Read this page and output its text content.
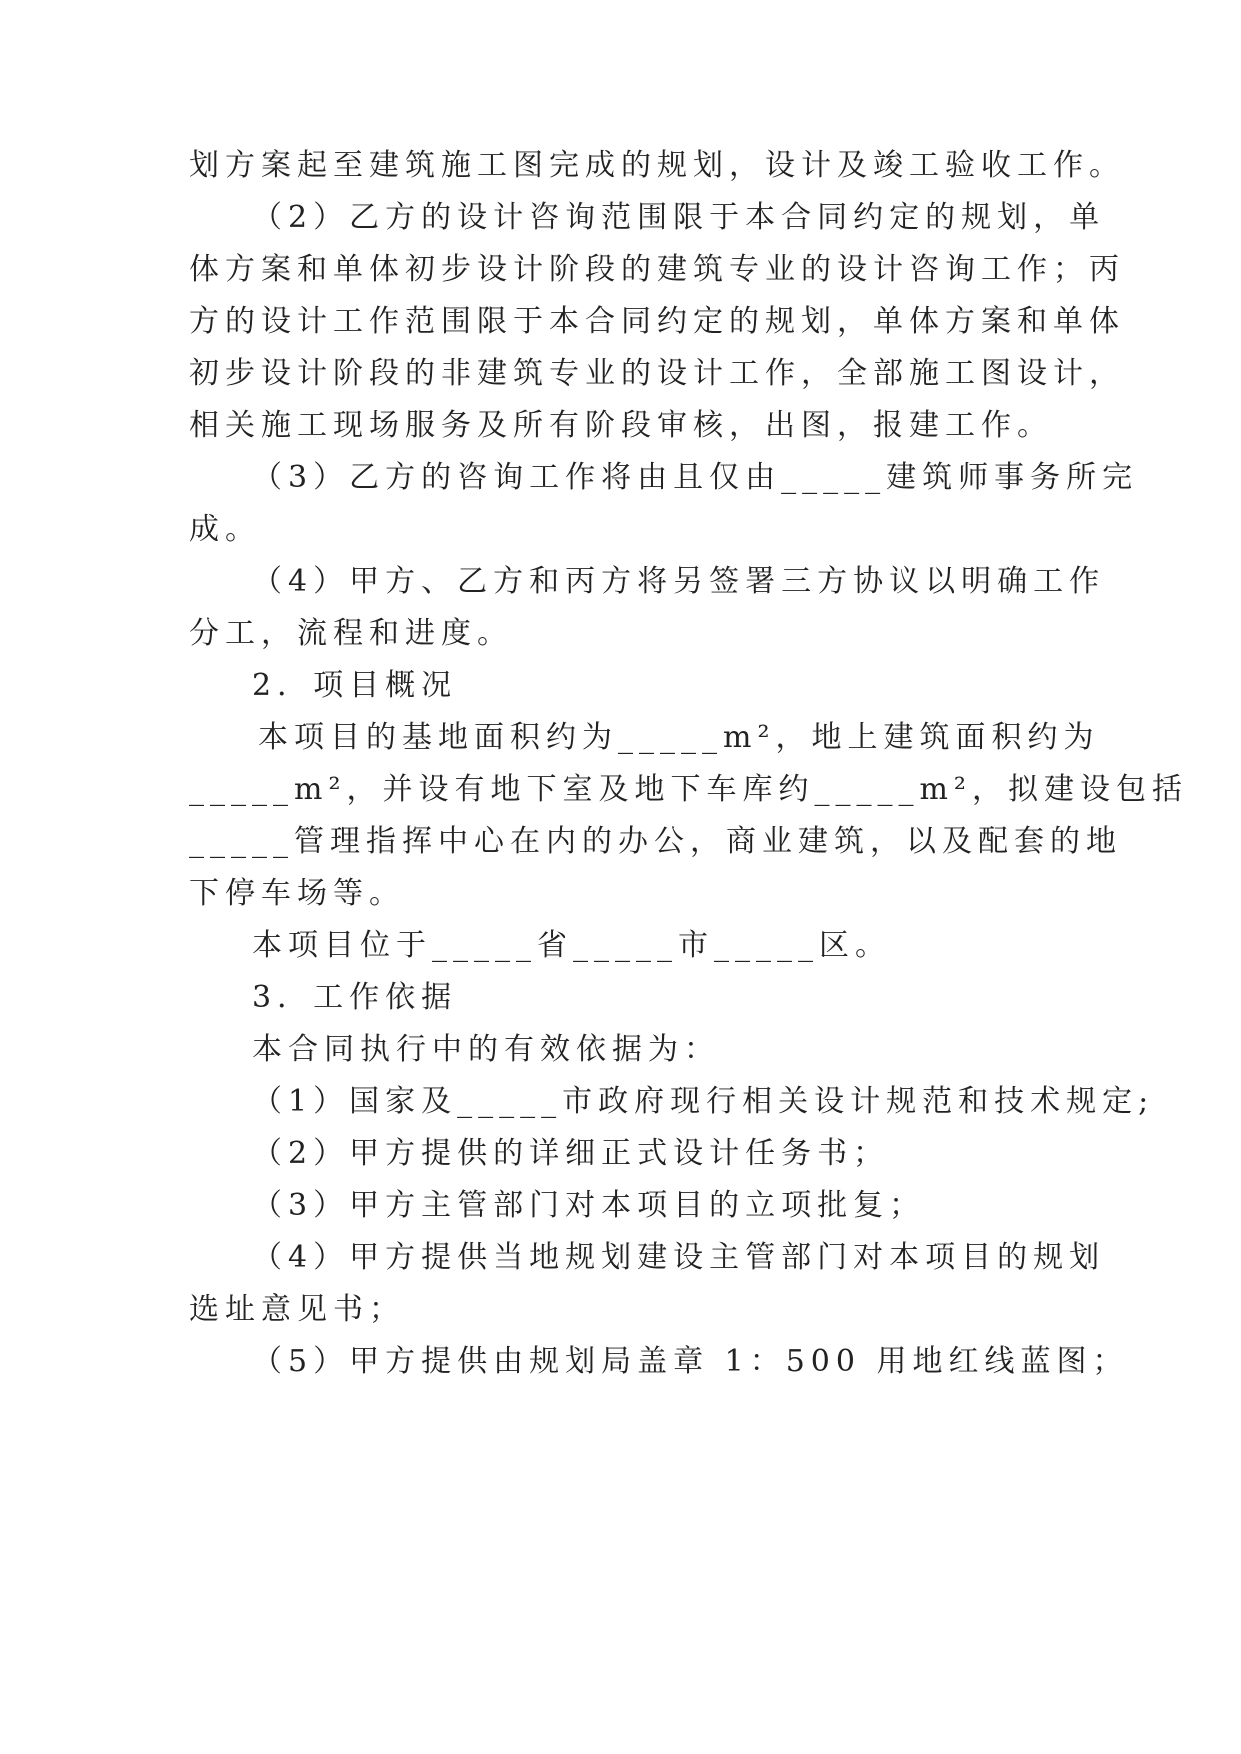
划方案起至建筑施工图完成的规划，设计及竣工验收工作。
（2）乙方的设计咨询范围限于本合同约定的规划，单
体方案和单体初步设计阶段的建筑专业的设计咨询工作；丙
方的设计工作范围限于本合同约定的规划，单体方案和单体
初步设计阶段的非建筑专业的设计工作，全部施工图设计，
相关施工现场服务及所有阶段审核，出图，报建工作。
（3）乙方的咨询工作将由且仅由_____建筑师事务所完
成。
（4）甲方、乙方和丙方将另签署三方协议以明确工作
分工，流程和进度。
2．项目概况
本项目的基地面积约为_____m²，地上建筑面积约为
_____m²，并设有地下室及地下车库约_____m²，拟建设包括
_____管理指挥中心在内的办公，商业建筑，以及配套的地
下停车场等。
本项目位于_____省_____市_____区。
3．工作依据
本合同执行中的有效依据为：
（1）国家及_____市政府现行相关设计规范和技术规定;
（2）甲方提供的详细正式设计任务书；
（3）甲方主管部门对本项目的立项批复；
（4）甲方提供当地规划建设主管部门对本项目的规划
选址意见书；
（5）甲方提供由规划局盖章 1：500 用地红线蓝图；
